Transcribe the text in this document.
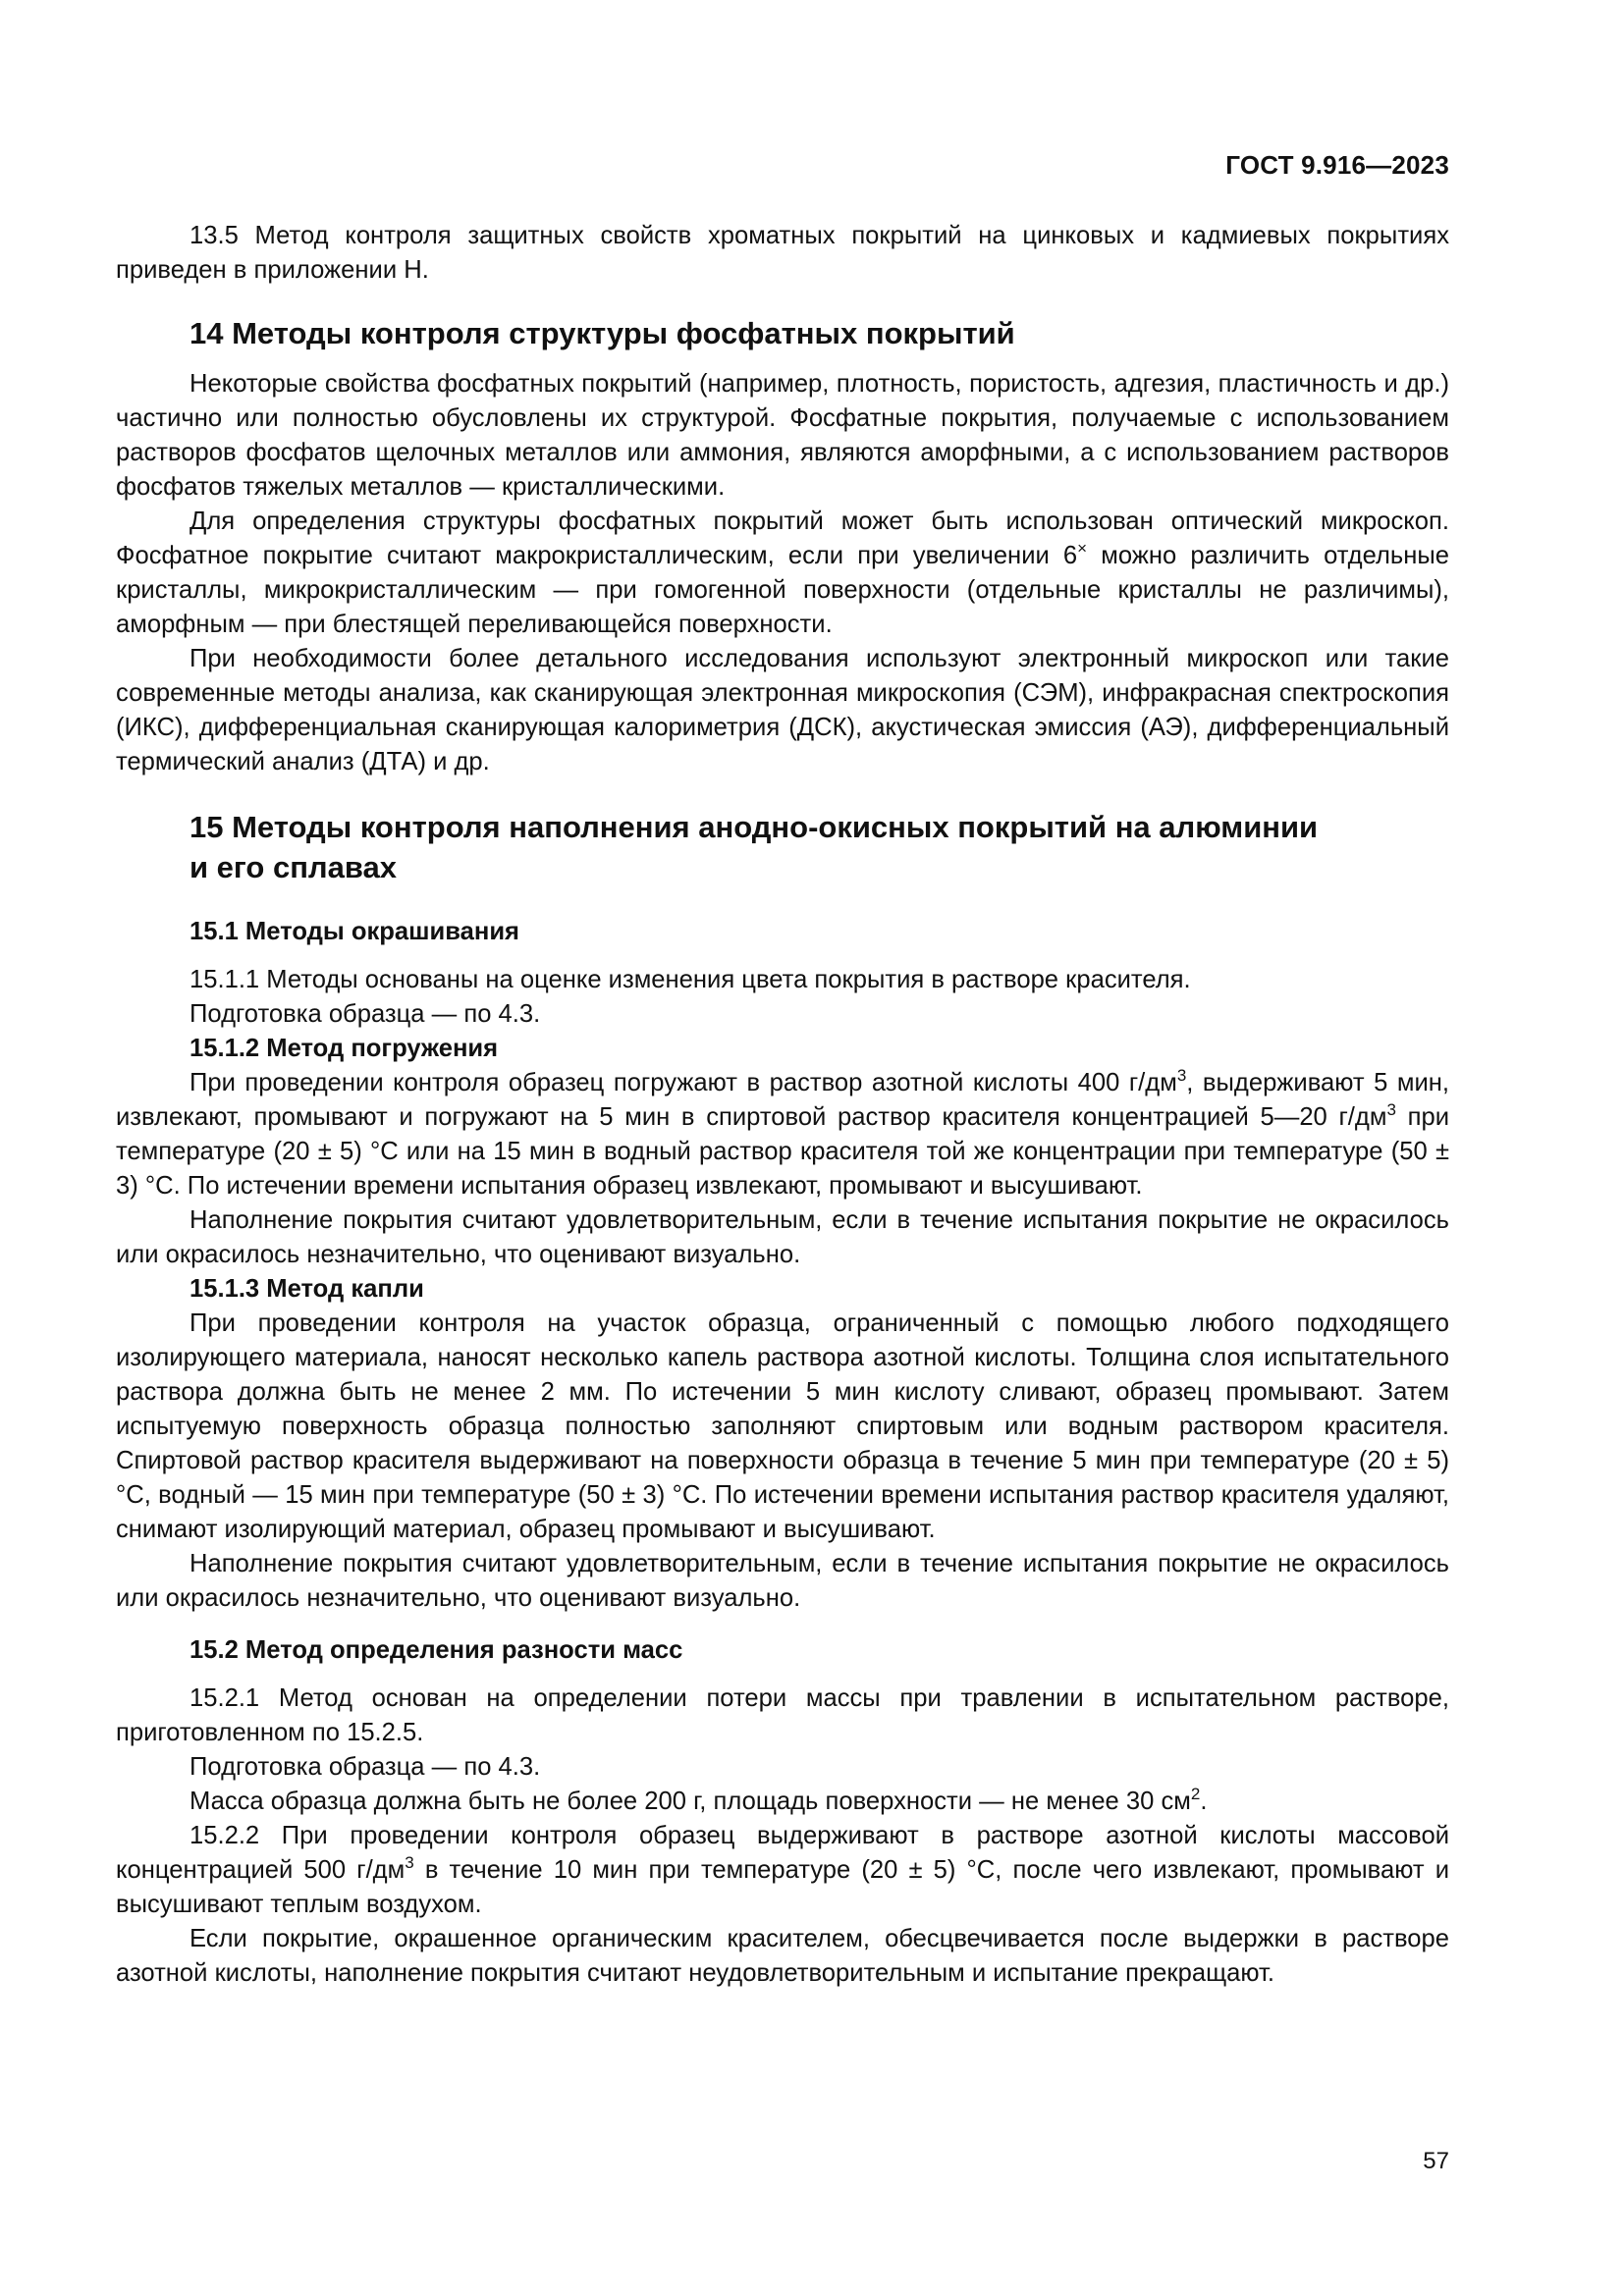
ГОСТ 9.916—2023

13.5 Метод контроля защитных свойств хроматных покрытий на цинковых и кадмиевых покрытиях приведен в приложении Н.

14 Методы контроля структуры фосфатных покрытий

Некоторые свойства фосфатных покрытий (например, плотность, пористость, адгезия, пластичность и др.) частично или полностью обусловлены их структурой. Фосфатные покрытия, получаемые с использованием растворов фосфатов щелочных металлов или аммония, являются аморфными, а с использованием растворов фосфатов тяжелых металлов — кристаллическими.

Для определения структуры фосфатных покрытий может быть использован оптический микроскоп. Фосфатное покрытие считают макрокристаллическим, если при увеличении 6× можно различить отдельные кристаллы, микрокристаллическим — при гомогенной поверхности (отдельные кристаллы не различимы), аморфным — при блестящей переливающейся поверхности.

При необходимости более детального исследования используют электронный микроскоп или такие современные методы анализа, как сканирующая электронная микроскопия (СЭМ), инфракрасная спектроскопия (ИКС), дифференциальная сканирующая калориметрия (ДСК), акустическая эмиссия (АЭ), дифференциальный термический анализ (ДТА) и др.

15 Методы контроля наполнения анодно-окисных покрытий на алюминии

и его сплавах

15.1 Методы окрашивания

15.1.1 Методы основаны на оценке изменения цвета покрытия в растворе красителя.

Подготовка образца — по 4.3.

15.1.2 Метод погружения

При проведении контроля образец погружают в раствор азотной кислоты 400 $г/дм^3$, выдерживают 5 мин, извлекают, промывают и погружают на 5 мин в спиртовой раствор красителя концентрацией 5—20 $г/дм^3$ при температуре (20 ± 5) °С или на 15 мин в водный раствор красителя той же концентрации при температуре (50 ± 3) °С. По истечении времени испытания образец извлекают, промывают и высушивают.

Наполнение покрытия считают удовлетворительным, если в течение испытания покрытие не окрасилось или окрасилось незначительно, что оценивают визуально.

15.1.3 Метод капли

При проведении контроля на участок образца, ограниченный с помощью любого подходящего изолирующего материала, наносят несколько капель раствора азотной кислоты. Толщина слоя испытательного раствора должна быть не менее 2 мм. По истечении 5 мин кислоту сливают, образец промывают. Затем испытуемую поверхность образца полностью заполняют спиртовым или водным раствором красителя. Спиртовой раствор красителя выдерживают на поверхности образца в течение 5 мин при температуре (20 ± 5) °С, водный — 15 мин при температуре (50 ± 3) °С. По истечении времени испытания раствор красителя удаляют, снимают изолирующий материал, образец промывают и высушивают.

Наполнение покрытия считают удовлетворительным, если в течение испытания покрытие не окрасилось или окрасилось незначительно, что оценивают визуально.

15.2 Метод определения разности масс

15.2.1 Метод основан на определении потери массы при травлении в испытательном растворе, приготовленном по 15.2.5.

Подготовка образца — по 4.3.

Масса образца должна быть не более 200 г, площадь поверхности — не менее 30 $см^2$.

15.2.2 При проведении контроля образец выдерживают в растворе азотной кислоты массовой концентрацией 500 $г/дм^3$ в течение 10 мин при температуре (20 ± 5) °С, после чего извлекают, промывают и высушивают теплым воздухом.

Если покрытие, окрашенное органическим красителем, обесцвечивается после выдержки в растворе азотной кислоты, наполнение покрытия считают неудовлетворительным и испытание прекращают.

57
